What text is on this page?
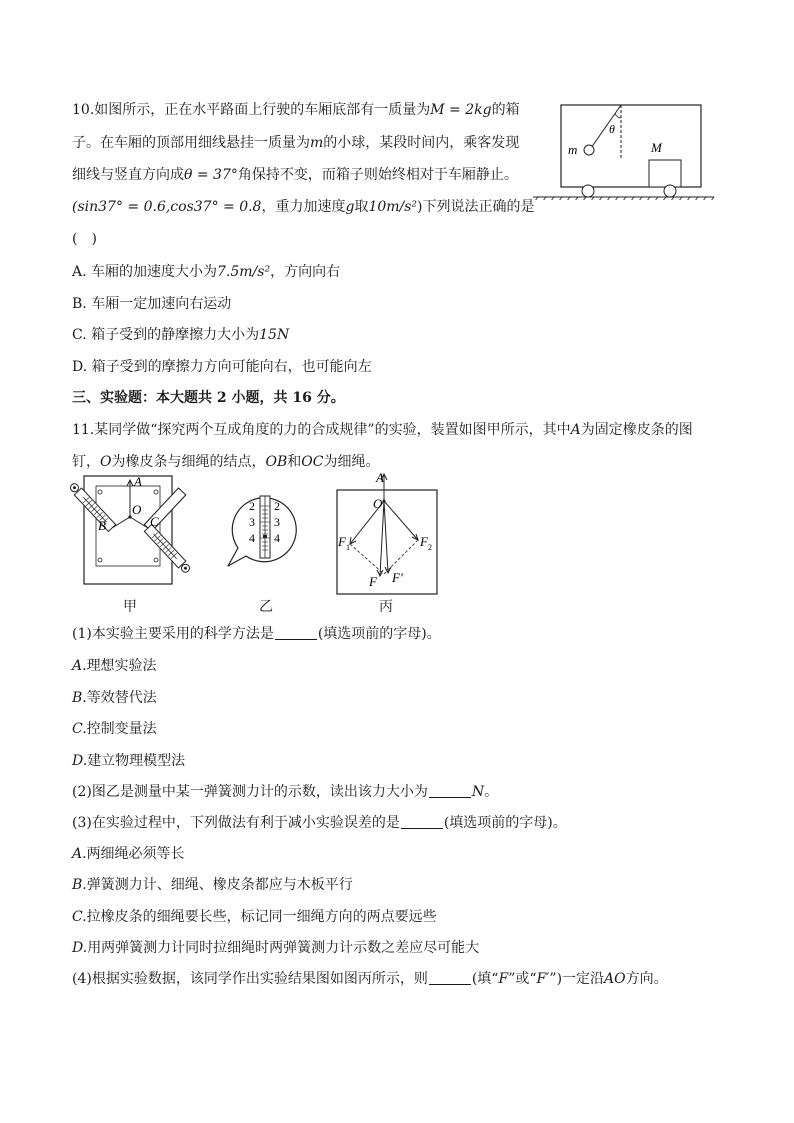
10.如图所示，正在水平路面上行驶的车厢底部有一质量为M = 2kg的箱
子。在车厢的顶部用细线悬挂一质量为m的小球，某段时间内，乘客发现
细线与竖直方向成θ = 37°角保持不变，而箱子则始终相对于车厢静止。
(sin37° = 0.6,cos37° = 0.8，重力加速度g取10m/s²)下列说法正确的是
(　)
A. 车厢的加速度大小为7.5m/s²，方向向右
B. 车厢一定加速向右运动
C. 箱子受到的静摩擦力大小为15N
D. 箱子受到的摩擦力方向可能向右，也可能向左
m
θ
M
三、实验题：本大题共 2 小题，共 16 分。
11.某同学做“探究两个互成角度的力的合成规律”的实验，装置如图甲所示，其中A为固定橡皮条的图
钉，O为橡皮条与细绳的结点，OB和OC为细绳。
A
O
B	C
甲
2
3
4
2
3
4
乙
A
O
F 1	F 2
F F′
丙
(1)本实验主要采用的科学方法是	(填选项前的字母)。
A.理想实验法
B.等效替代法
C.控制变量法
D.建立物理模型法
(2)图乙是测量中某一弹簧测力计的示数，读出该力大小为	N。
(3)在实验过程中，下列做法有利于减小实验误差的是	(填选项前的字母)。
A.两细绳必须等长
B.弹簧测力计、细绳、橡皮条都应与木板平行
C.拉橡皮条的细绳要长些，标记同一细绳方向的两点要远些
D.用两弹簧测力计同时拉细绳时两弹簧测力计示数之差应尽可能大
(4)根据实验数据，该同学作出实验结果图如图丙所示，则	(填“F”或“F′”)一定沿AO方向。
